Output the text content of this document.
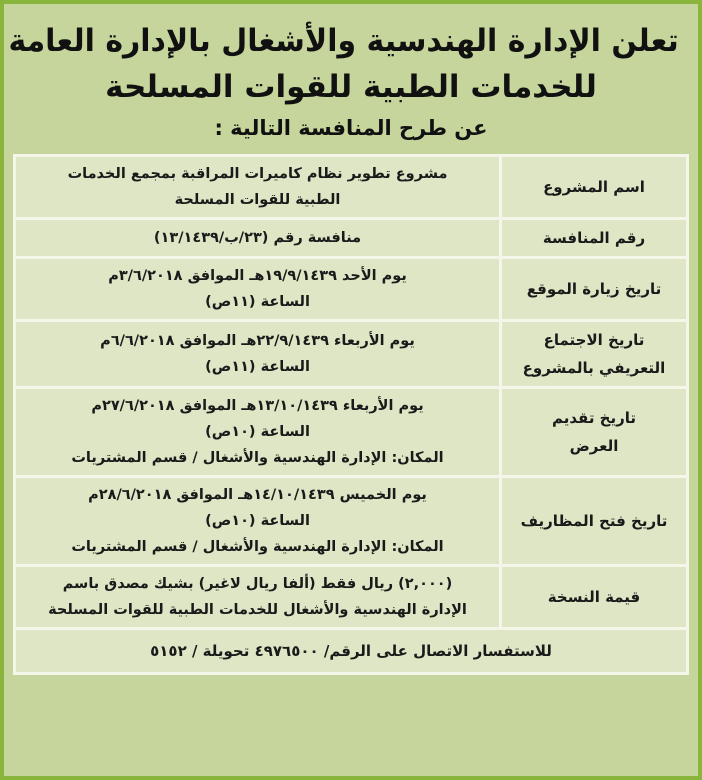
تعلن الإدارة الهندسية والأشغال بالإدارة العامة
للخدمات الطبية للقوات المسلحة
عن طرح المنافسة التالية :
اسم المشروع	مشروع تطوير نظام كاميرات المراقبة بمجمع الخدمات
الطبية للقوات المسلحة

رقم المنافسة	منافسة رقم (٢٣/ب/١٣/١٤٣٩)

تاريخ زيارة الموقع	يوم الأحد ١٩/٩/١٤٣٩هـ الموافق ٣/٦/٢٠١٨م
الساعة (١١ص)

تاريخ الاجتماع
التعريفي بالمشروع	يوم الأربعاء ٢٢/٩/١٤٣٩هـ الموافق ٦/٦/٢٠١٨م
الساعة (١١ص)

تاريخ تقديم
العرض	يوم الأربعاء ١٣/١٠/١٤٣٩هـ الموافق ٢٧/٦/٢٠١٨م
الساعة (١٠ص)
المكان: الإدارة الهندسية والأشغال / قسم المشتريات

تاريخ فتح المظاريف	يوم الخميس ١٤/١٠/١٤٣٩هـ الموافق ٢٨/٦/٢٠١٨م
الساعة (١٠ص)
المكان: الإدارة الهندسية والأشغال / قسم المشتريات

قيمة النسخة	(٢,٠٠٠) ريال فقط (ألفا ريال لاغير) بشيك مصدق باسم
الإدارة الهندسية والأشغال للخدمات الطبية للقوات المسلحة

للاستفسار الاتصال على الرقم/ ٤٩٧٦٥٠٠ تحويلة / ٥١٥٢	
